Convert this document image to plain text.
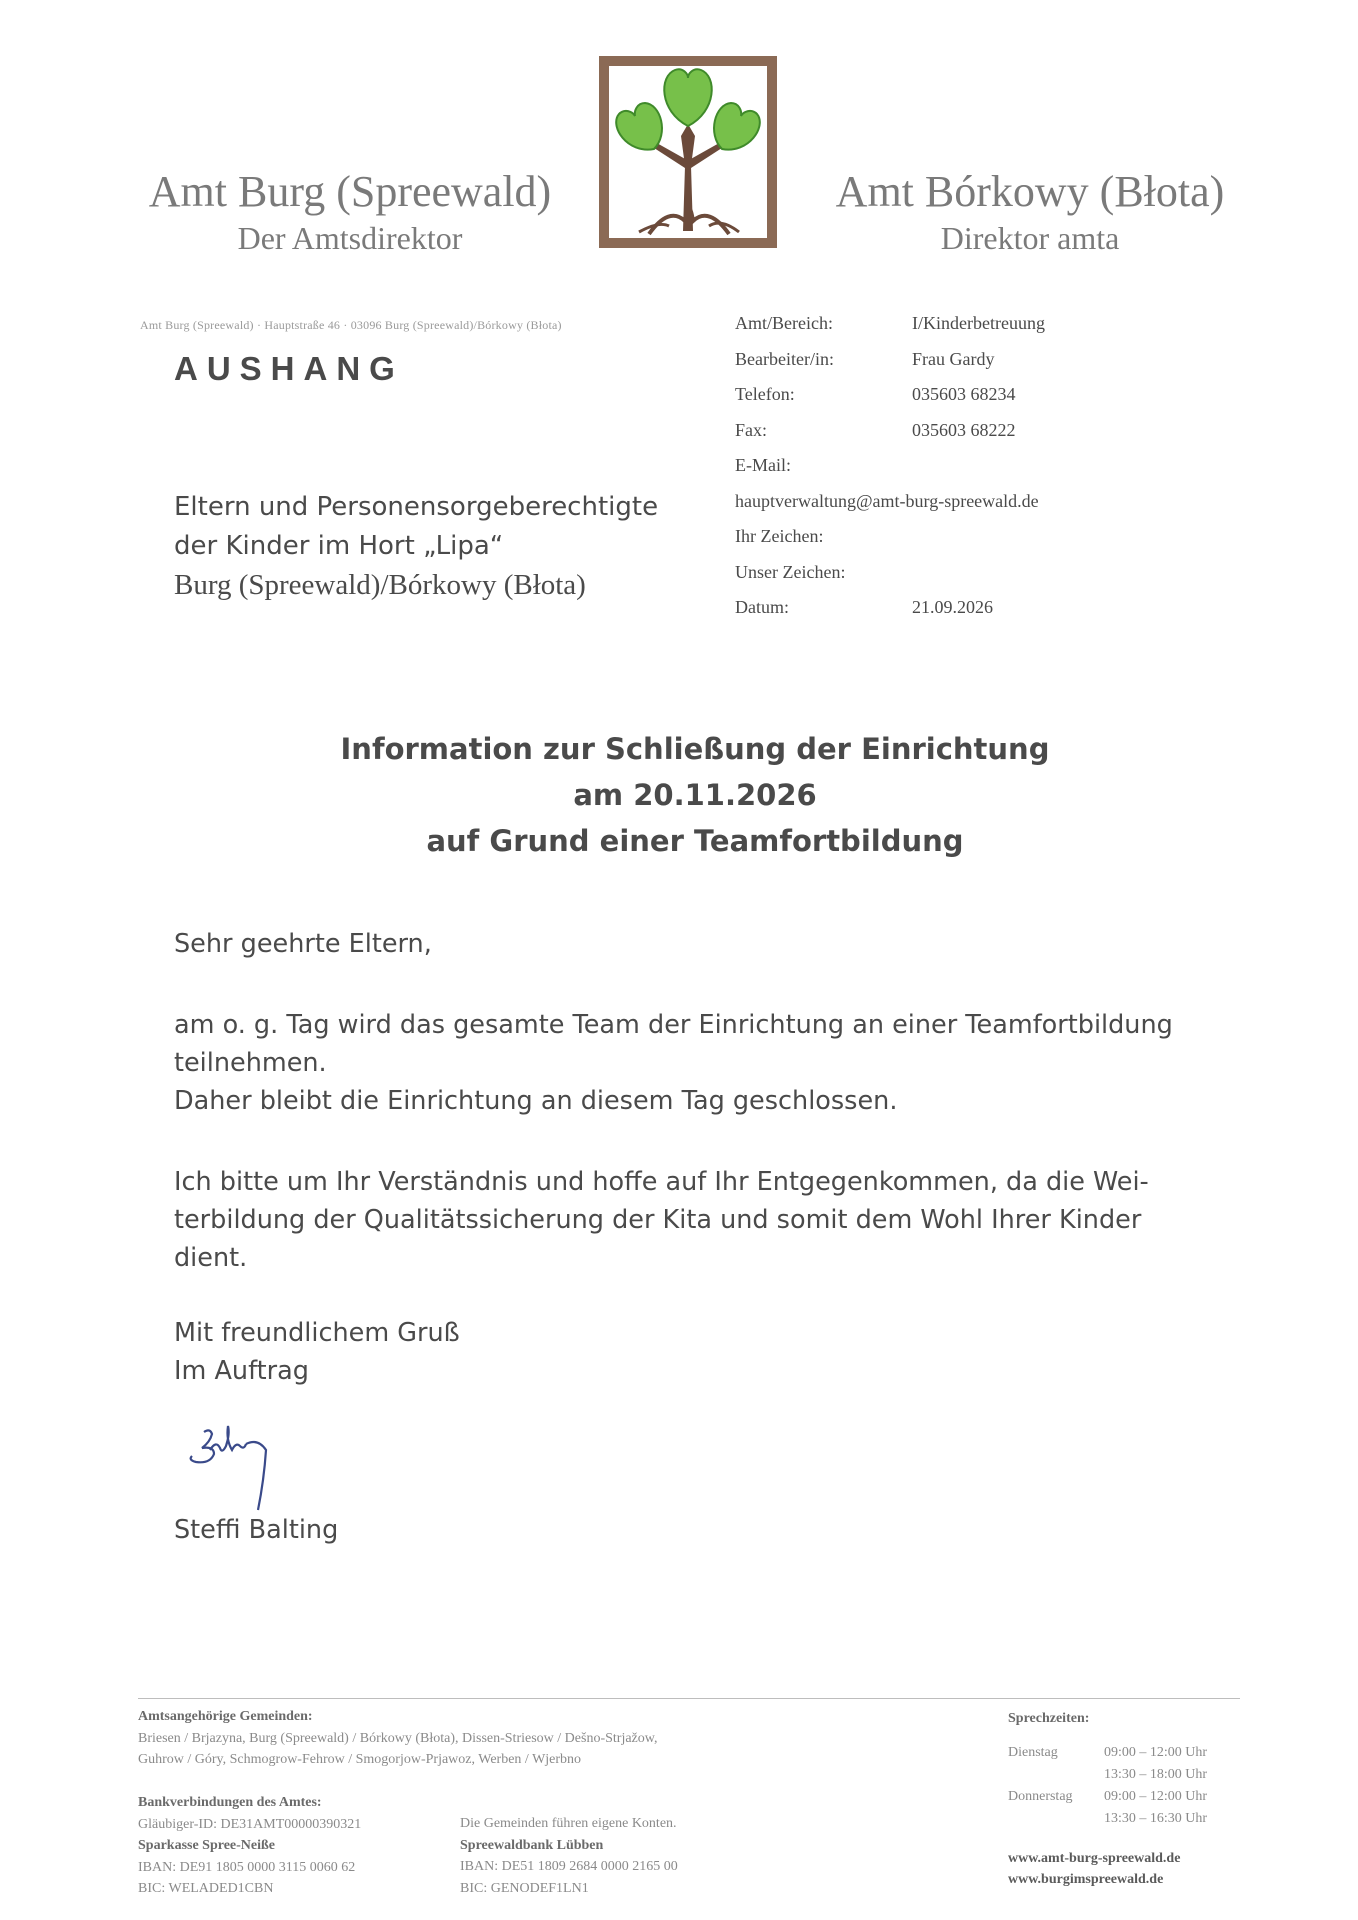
Amt Burg (Spreewald)
Der Amtsdirektor
Amt Bórkowy (Błota)
Direktor amta
Amt Burg (Spreewald) · Hauptstraße 46 · 03096 Burg (Spreewald)/Bórkowy (Błota)
AUSHANG
Eltern und Personensorgeberechtigte
der Kinder im Hort „Lipa“
Burg (Spreewald)/Bórkowy (Błota)
Amt/Bereich:	I/Kinderbetreuung
Bearbeiter/in:	Frau Gardy
Telefon:	035603 68234
Fax:	035603 68222
E-Mail:
hauptverwaltung@amt-burg-spreewald.de
Ihr Zeichen:
Unser Zeichen:
Datum:	21.09.2026
Information zur Schließung der Einrichtung
am 20.11.2026
auf Grund einer Teamfortbildung
Sehr geehrte Eltern,
am o. g. Tag wird das gesamte Team der Einrichtung an einer Teamfortbildung
teilnehmen.
Daher bleibt die Einrichtung an diesem Tag geschlossen.
Ich bitte um Ihr Verständnis und hoffe auf Ihr Entgegenkommen, da die Wei-
terbildung der Qualitätssicherung der Kita und somit dem Wohl Ihrer Kinder
dient.
Mit freundlichem Gruß
Im Auftrag
Steffi Balting
Amtsangehörige Gemeinden:
Briesen / Brjazyna, Burg (Spreewald) / Bórkowy (Błota), Dissen-Striesow / Dešno-Strjažow,
Guhrow / Góry, Schmogrow-Fehrow / Smogorjow-Prjawoz, Werben / Wjerbno
Bankverbindungen des Amtes:
Gläubiger-ID: DE31AMT00000390321
Sparkasse Spree-Neiße
IBAN: DE91 1805 0000 3115 0060 62
BIC: WELADED1CBN
Die Gemeinden führen eigene Konten.
Spreewaldbank Lübben
IBAN: DE51 1809 2684 0000 2165 00
BIC: GENODEF1LN1
Sprechzeiten:
Dienstag	09:00 – 12:00 Uhr
	13:30 – 18:00 Uhr
Donnerstag	09:00 – 12:00 Uhr
	13:30 – 16:30 Uhr
www.amt-burg-spreewald.de
www.burgimspreewald.de
